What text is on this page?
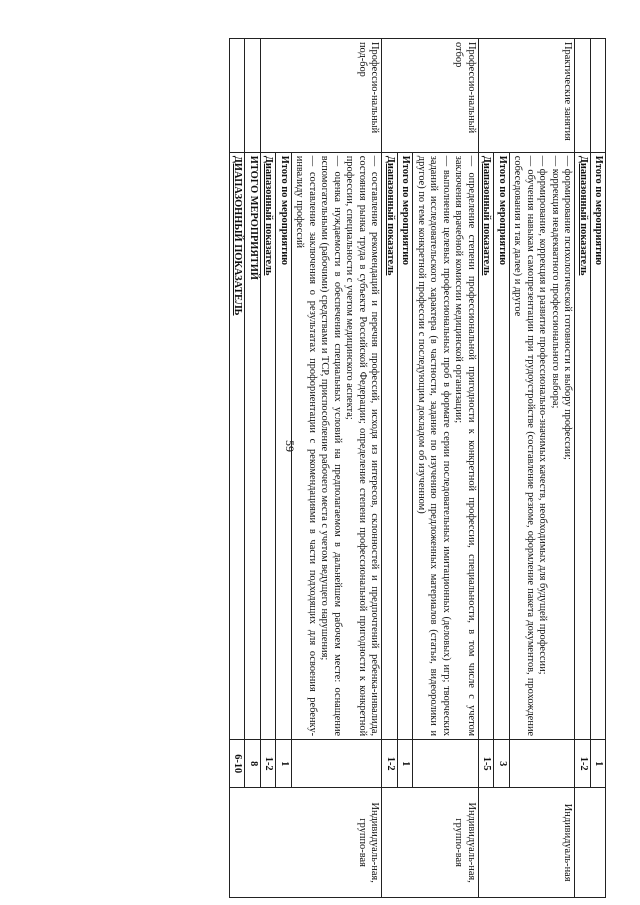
59
	Итого по мероприятию	1	
	Диапазонный показатель	1-2	
Практические занятия	— формирование психологической готовности к выбору профессии;

— коррекция неадекватного профессионального выбора;

— формирование, коррекция и развитие профессионально-значимых качеств, необходимых для будущей профессии;

— обучения навыкам самопрезентации при трудоустройстве (составление резюме, оформление пакета документов, прохождение собеседования и так далее) и другое		Индивидуаль-ная
	Итого по мероприятию	3	
	Диапазонный показатель	1-5	
Профессио-нальный отбор	— определение степени профессиональной пригодности к конкретной профессии, специальности, в том числе с учетом заключения врачебной комиссии медицинской организации;

— выполнение целевых профессиональных проб в формате серии последовательных имитационных (деловых) игр; творческих заданий исследовательского характера (в частности, задание по изучению предложенных материалов (статьи, видеоролики и другое) по теме конкретной профессии с последующим докладом об изученном)		Индивидуаль-ная, группо-вая
	Итого по мероприятию	1	
	Диапазонный показатель	1-2	
Профессио-нальный под-бор	— составление рекомендаций и перечня профессий, исходя из интересов, склонностей и предпочтений ребенка-инвалида, состояния рынка труда в субъекте Российской Федерации; определение степени профессиональной пригодности к конкретной профессии, специальности с учетом медицинского аспекта;

— оценка нуждаемости в обеспечении специальных условий на предполагаемом в дальнейшем рабочем месте: оснащение вспомогательными (рабочими) средствами и ТСР, приспособление рабочего места с учетом ведущего нарушения;

— составление заключения о результатах профориентации с рекомендациями в части подходящих для освоения ребенку-инвалиду профессий		Индивидуаль-ная, группо-вая
	Итого по мероприятию	1	
	Диапазонный показатель	1-2	
	ИТОГО МЕРОПРИЯТИЙ	8	
	ДИАПАЗОННЫЙ ПОКАЗАТЕЛЬ	6-10	
